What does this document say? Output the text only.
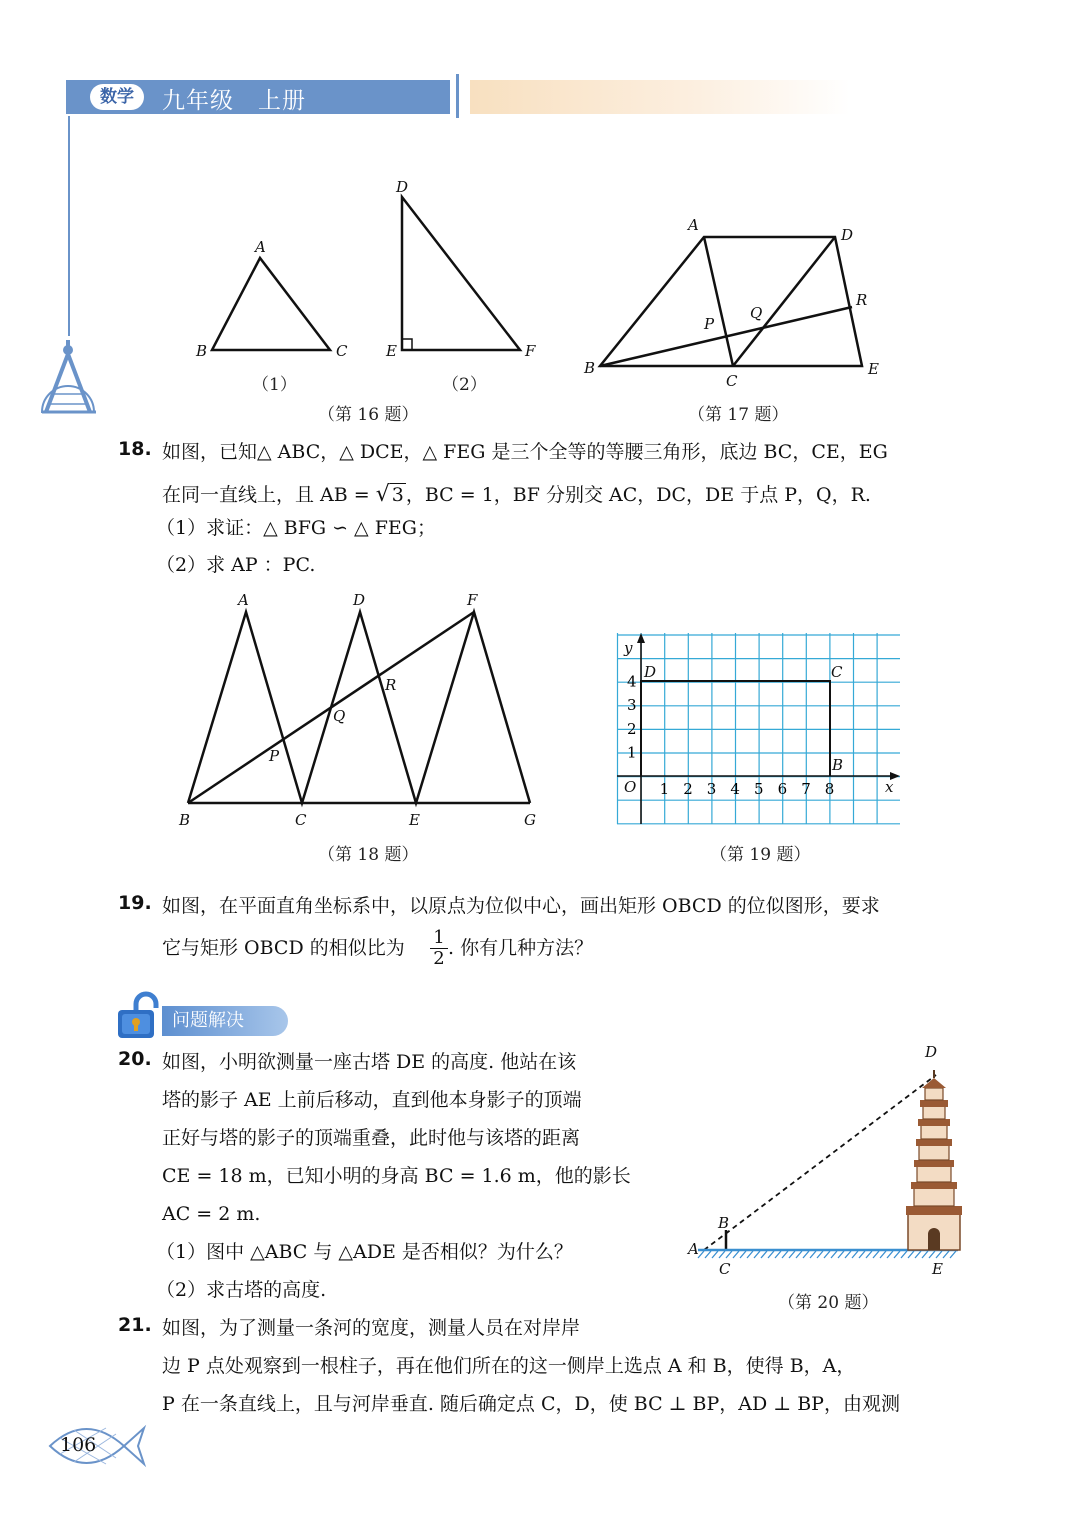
数学	九年级　上册
A
B	C
D
E	F
（1）	（2）
（第 16 题）
A
D
R
Q
P
B
C
E
（第 17 题）
18. 如图，已知△ ABC，△ DCE，△ FEG 是三个全等的等腰三角形，底边 BC，CE，EG
在同一直线上，且 AB = √ 3 ，BC = 1，BF 分别交 AC，DC，DE 于点 P，Q，R.
（1）求证：△ BFG ∽ △ FEG；
（2）求 AP ：PC.
A	D	F
R
Q
P
B	C	E	G
（第 18 题）
y
x
O
D	C
B
1 2 3 4 5 6 7 8
1
2
3
4
（第 19 题）
19. 如图，在平面直角坐标系中，以原点为位似中心，画出矩形 OBCD 的位似图形，要求
它与矩形 OBCD 的相似比为 $\frac{1}{2}$ . 你有几种方法？
问题解决
20. 如图，小明欲测量一座古塔 DE 的高度. 他站在该
塔的影子 AE 上前后移动，直到他本身影子的顶端
正好与塔的影子的顶端重叠，此时他与该塔的距离
CE = 18 m，已知小明的身高 BC = 1.6 m，他的影长
AC = 2 m.
（1）图中 △ABC 与 △ADE 是否相似？为什么？
（2）求古塔的高度.
D
B
A
C	E
（第 20 题）
21. 如图，为了测量一条河的宽度，测量人员在对岸岸
边 P 点处观察到一根柱子，再在他们所在的这一侧岸上选点 A 和 B，使得 B，A，
P 在一条直线上，且与河岸垂直. 随后确定点 C，D，使 BC ⊥ BP，AD ⊥ BP，由观测
106
